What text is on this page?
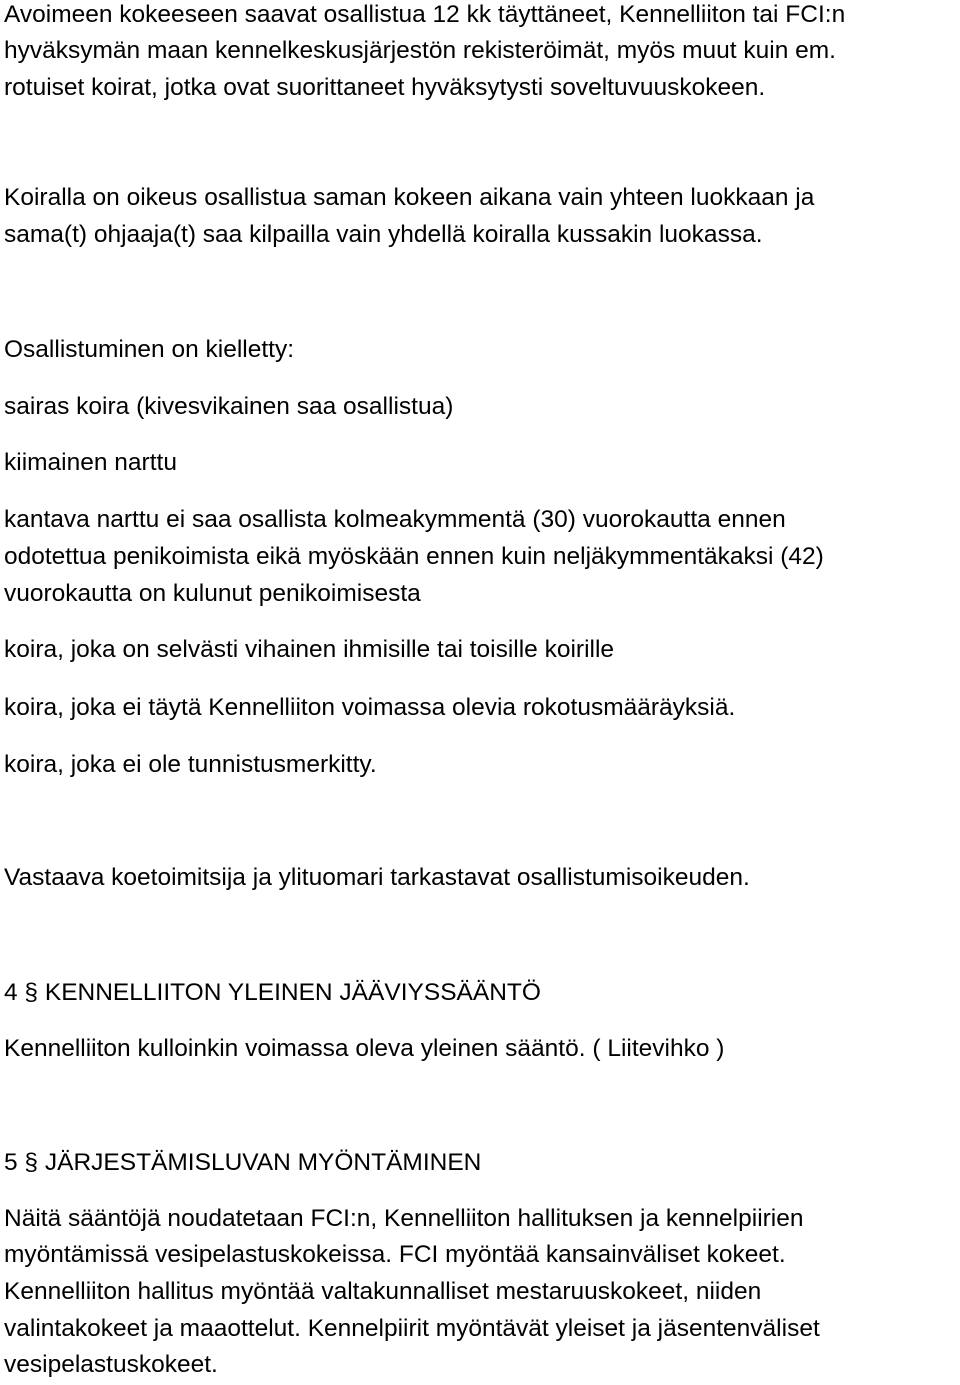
Avoimeen kokeeseen saavat osallistua 12 kk täyttäneet, Kennelliiton tai FCI:n
hyväksymän maan kennelkeskusjärjestön rekisteröimät, myös muut kuin em.
rotuiset koirat, jotka ovat suorittaneet hyväksytysti soveltuvuuskokeen.
Koiralla on oikeus osallistua saman kokeen aikana vain yhteen luokkaan ja
sama(t) ohjaaja(t) saa kilpailla vain yhdellä koiralla kussakin luokassa.
Osallistuminen on kielletty:
sairas koira (kivesvikainen saa osallistua)
kiimainen narttu
kantava narttu ei saa osallista kolmeakymmentä (30) vuorokautta ennen
odotettua penikoimista eikä myöskään ennen kuin neljäkymmentäkaksi (42)
vuorokautta on kulunut penikoimisesta
koira, joka on selvästi vihainen ihmisille tai toisille koirille
koira, joka ei täytä Kennelliiton voimassa olevia rokotusmääräyksiä.
koira, joka ei ole tunnistusmerkitty.
Vastaava koetoimitsija ja ylituomari tarkastavat osallistumisoikeuden.
4 § KENNELLIITON YLEINEN JÄÄVIYSSÄÄNTÖ
Kennelliiton kulloinkin voimassa oleva yleinen sääntö. ( Liitevihko )
5 § JÄRJESTÄMISLUVAN MYÖNTÄMINEN
Näitä sääntöjä noudatetaan FCI:n, Kennelliiton hallituksen ja kennelpiirien
myöntämissä vesipelastuskokeissa. FCI myöntää kansainväliset kokeet.
Kennelliiton hallitus myöntää valtakunnalliset mestaruuskokeet, niiden
valintakokeet ja maaottelut. Kennelpiirit myöntävät yleiset ja jäsentenväliset
vesipelastuskokeet.
